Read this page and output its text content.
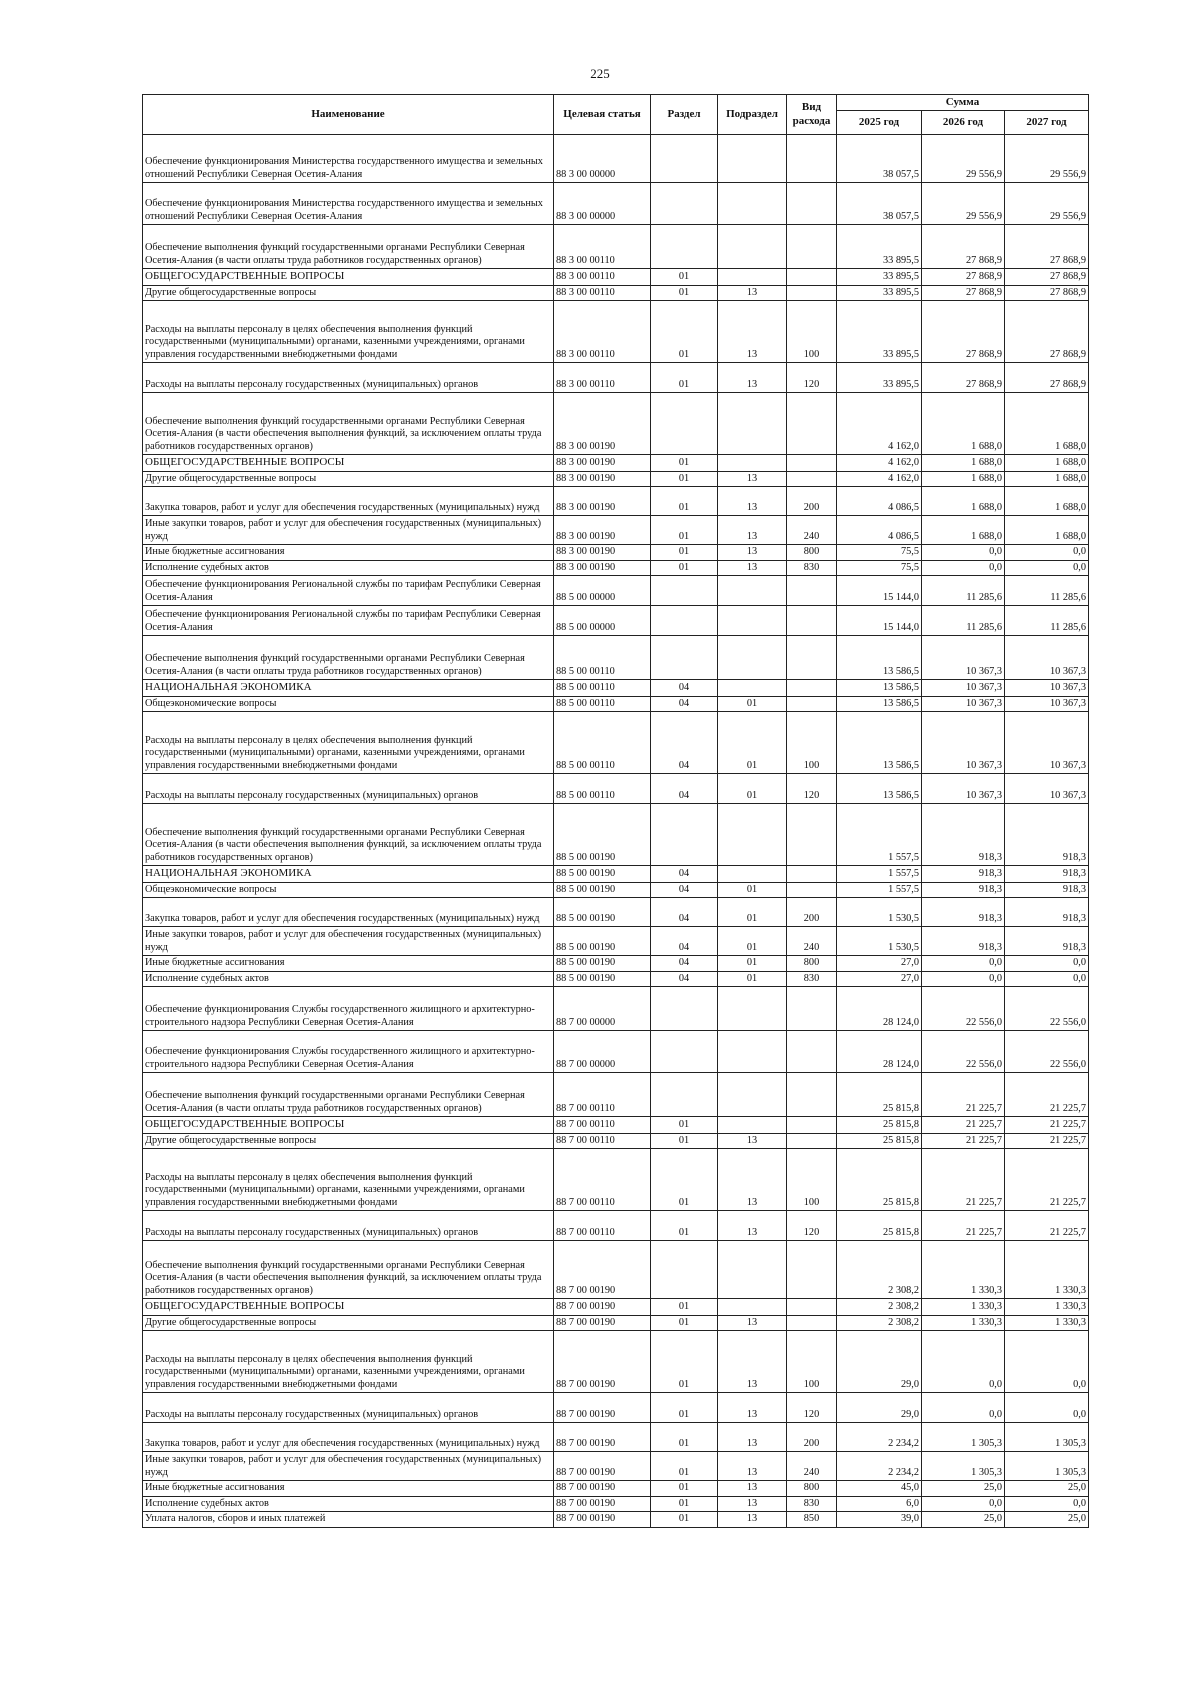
225
Наименование	Целевая статья	Раздел	Подраздел	Вид расхода	Сумма		
					2025 год	2026 год	2027 год
Обеспечение функционирования Министерства государственного имущества и земельных отношений Республики Северная Осетия-Алания	88 3 00 00000				38 057,5	29 556,9	29 556,9
Обеспечение функционирования Министерства государственного имущества и земельных отношений Республики Северная Осетия-Алания	88 3 00 00000				38 057,5	29 556,9	29 556,9
Обеспечение выполнения функций государственными органами Республики Северная Осетия-Алания (в части оплаты труда работников государственных органов)	88 3 00 00110				33 895,5	27 868,9	27 868,9
ОБЩЕГОСУДАРСТВЕННЫЕ ВОПРОСЫ	88 3 00 00110	01			33 895,5	27 868,9	27 868,9
Другие общегосударственные вопросы	88 3 00 00110	01	13		33 895,5	27 868,9	27 868,9
Расходы на выплаты персоналу в целях обеспечения выполнения функций государственными (муниципальными) органами, казенными учреждениями, органами управления государственными внебюджетными фондами	88 3 00 00110	01	13	100	33 895,5	27 868,9	27 868,9
Расходы на выплаты персоналу государственных (муниципальных) органов	88 3 00 00110	01	13	120	33 895,5	27 868,9	27 868,9
Обеспечение выполнения функций государственными органами Республики Северная Осетия-Алания (в части обеспечения выполнения функций, за исключением оплаты труда работников государственных органов)	88 3 00 00190				4 162,0	1 688,0	1 688,0
ОБЩЕГОСУДАРСТВЕННЫЕ ВОПРОСЫ	88 3 00 00190	01			4 162,0	1 688,0	1 688,0
Другие общегосударственные вопросы	88 3 00 00190	01	13		4 162,0	1 688,0	1 688,0
Закупка товаров, работ и услуг для обеспечения государственных (муниципальных) нужд	88 3 00 00190	01	13	200	4 086,5	1 688,0	1 688,0
Иные закупки товаров, работ и услуг для обеспечения государственных (муниципальных) нужд	88 3 00 00190	01	13	240	4 086,5	1 688,0	1 688,0
Иные бюджетные ассигнования	88 3 00 00190	01	13	800	75,5	0,0	0,0
Исполнение судебных актов	88 3 00 00190	01	13	830	75,5	0,0	0,0
Обеспечение функционирования Региональной службы по тарифам Республики Северная Осетия-Алания	88 5 00 00000				15 144,0	11 285,6	11 285,6
Обеспечение функционирования Региональной службы по тарифам Республики Северная Осетия-Алания	88 5 00 00000				15 144,0	11 285,6	11 285,6
Обеспечение выполнения функций государственными органами Республики Северная Осетия-Алания (в части оплаты труда работников государственных органов)	88 5 00 00110				13 586,5	10 367,3	10 367,3
НАЦИОНАЛЬНАЯ ЭКОНОМИКА	88 5 00 00110	04			13 586,5	10 367,3	10 367,3
Общеэкономические вопросы	88 5 00 00110	04	01		13 586,5	10 367,3	10 367,3
Расходы на выплаты персоналу в целях обеспечения выполнения функций государственными (муниципальными) органами, казенными учреждениями, органами управления государственными внебюджетными фондами	88 5 00 00110	04	01	100	13 586,5	10 367,3	10 367,3
Расходы на выплаты персоналу государственных (муниципальных) органов	88 5 00 00110	04	01	120	13 586,5	10 367,3	10 367,3
Обеспечение выполнения функций государственными органами Республики Северная Осетия-Алания (в части обеспечения выполнения функций, за исключением оплаты труда работников государственных органов)	88 5 00 00190				1 557,5	918,3	918,3
НАЦИОНАЛЬНАЯ ЭКОНОМИКА	88 5 00 00190	04			1 557,5	918,3	918,3
Общеэкономические вопросы	88 5 00 00190	04	01		1 557,5	918,3	918,3
Закупка товаров, работ и услуг для обеспечения государственных (муниципальных) нужд	88 5 00 00190	04	01	200	1 530,5	918,3	918,3
Иные закупки товаров, работ и услуг для обеспечения государственных (муниципальных) нужд	88 5 00 00190	04	01	240	1 530,5	918,3	918,3
Иные бюджетные ассигнования	88 5 00 00190	04	01	800	27,0	0,0	0,0
Исполнение судебных актов	88 5 00 00190	04	01	830	27,0	0,0	0,0
Обеспечение функционирования Службы государственного жилищного и архитектурно-строительного надзора Республики Северная Осетия-Алания	88 7 00 00000				28 124,0	22 556,0	22 556,0
Обеспечение функционирования Службы государственного жилищного и архитектурно-строительного надзора Республики Северная Осетия-Алания	88 7 00 00000				28 124,0	22 556,0	22 556,0
Обеспечение выполнения функций государственными органами Республики Северная Осетия-Алания (в части оплаты труда работников государственных органов)	88 7 00 00110				25 815,8	21 225,7	21 225,7
ОБЩЕГОСУДАРСТВЕННЫЕ ВОПРОСЫ	88 7 00 00110	01			25 815,8	21 225,7	21 225,7
Другие общегосударственные вопросы	88 7 00 00110	01	13		25 815,8	21 225,7	21 225,7
Расходы на выплаты персоналу в целях обеспечения выполнения функций государственными (муниципальными) органами, казенными учреждениями, органами управления государственными внебюджетными фондами	88 7 00 00110	01	13	100	25 815,8	21 225,7	21 225,7
Расходы на выплаты персоналу государственных (муниципальных) органов	88 7 00 00110	01	13	120	25 815,8	21 225,7	21 225,7
Обеспечение выполнения функций государственными органами Республики Северная Осетия-Алания (в части обеспечения выполнения функций, за исключением оплаты труда работников государственных органов)	88 7 00 00190				2 308,2	1 330,3	1 330,3
ОБЩЕГОСУДАРСТВЕННЫЕ ВОПРОСЫ	88 7 00 00190	01			2 308,2	1 330,3	1 330,3
Другие общегосударственные вопросы	88 7 00 00190	01	13		2 308,2	1 330,3	1 330,3
Расходы на выплаты персоналу в целях обеспечения выполнения функций государственными (муниципальными) органами, казенными учреждениями, органами управления государственными внебюджетными фондами	88 7 00 00190	01	13	100	29,0	0,0	0,0
Расходы на выплаты персоналу государственных (муниципальных) органов	88 7 00 00190	01	13	120	29,0	0,0	0,0
Закупка товаров, работ и услуг для обеспечения государственных (муниципальных) нужд	88 7 00 00190	01	13	200	2 234,2	1 305,3	1 305,3
Иные закупки товаров, работ и услуг для обеспечения государственных (муниципальных) нужд	88 7 00 00190	01	13	240	2 234,2	1 305,3	1 305,3
Иные бюджетные ассигнования	88 7 00 00190	01	13	800	45,0	25,0	25,0
Исполнение судебных актов	88 7 00 00190	01	13	830	6,0	0,0	0,0
Уплата налогов, сборов и иных платежей	88 7 00 00190	01	13	850	39,0	25,0	25,0
